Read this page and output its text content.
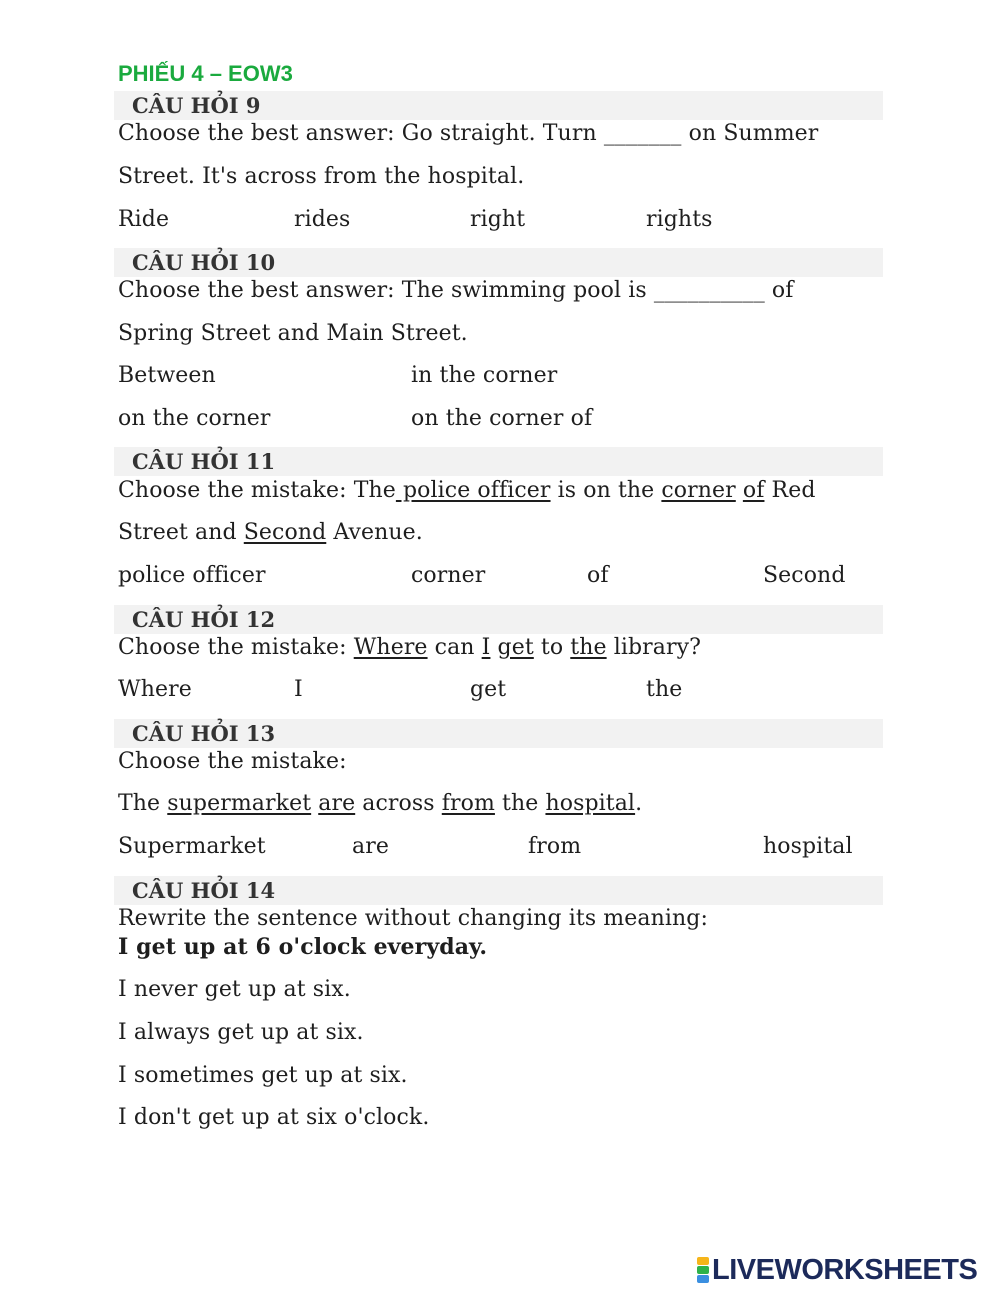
PHIẾU 4 – EOW3
CÂU HỎI 9
Choose the best answer: Go straight. Turn _______ on Summer
Street. It's across from the hospital.
Ride	rides	right	rights
CÂU HỎI 10
Choose the best answer: The swimming pool is __________ of
Spring Street and Main Street.
Between	in the corner
on the corner	on the corner of
CÂU HỎI 11
Choose the mistake: The police officer is on the corner of Red
Street and Second Avenue.
police officer	corner	of	Second
CÂU HỎI 12
Choose the mistake: Where can I get to the library?
Where	I	get	the
CÂU HỎI 13
Choose the mistake:
The supermarket are across from the hospital.
Supermarket	are	from	hospital
CÂU HỎI 14
Rewrite the sentence without changing its meaning:
I get up at 6 o'clock everyday.
I never get up at six.
I always get up at six.
I sometimes get up at six.
I don't get up at six o'clock.
LIVEWORKSHEETS
